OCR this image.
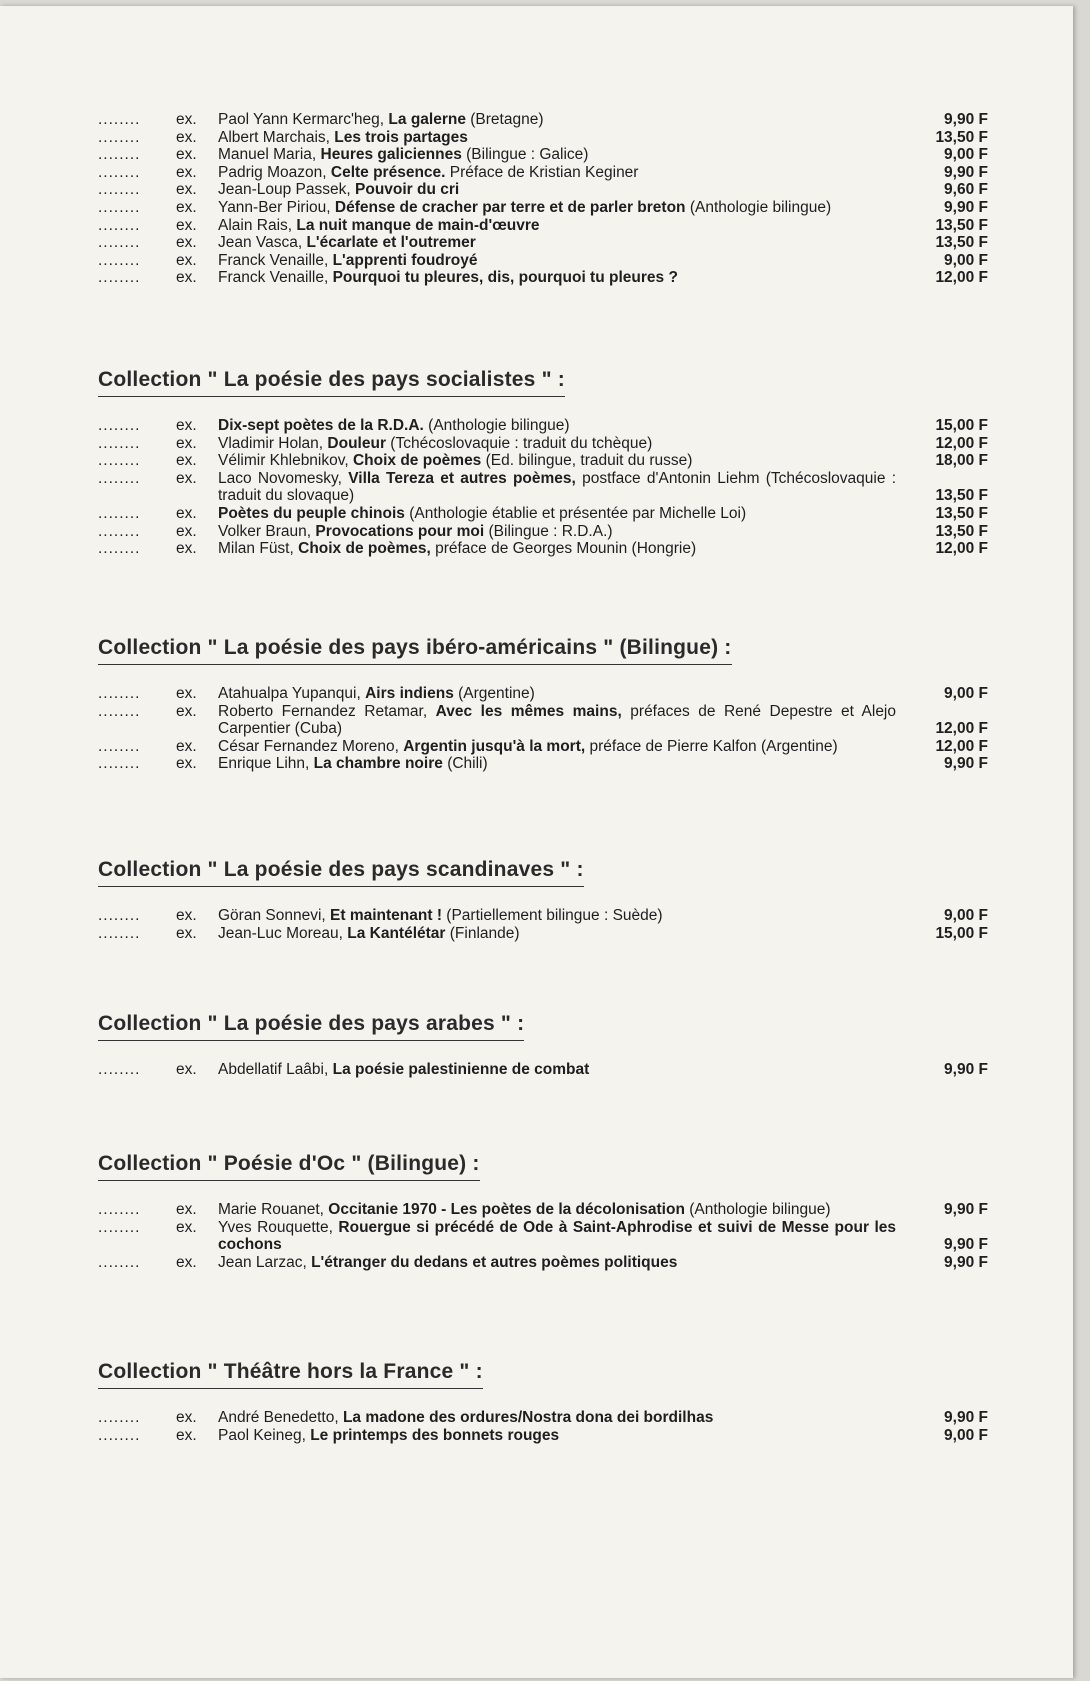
........	ex. Paol Yann Kermarc'heg, La galerne (Bretagne)	9,90 F
........	ex. Albert Marchais, Les trois partages	13,50 F
........	ex. Manuel Maria, Heures galiciennes (Bilingue : Galice)	9,00 F
........	ex. Padrig Moazon, Celte présence. Préface de Kristian Keginer	9,90 F
........	ex. Jean-Loup Passek, Pouvoir du cri	9,60 F
........	ex. Yann-Ber Piriou, Défense de cracher par terre et de parler breton (Anthologie bilingue)	9,90 F
........	ex. Alain Rais, La nuit manque de main-d'œuvre	13,50 F
........	ex. Jean Vasca, L'écarlate et l'outremer	13,50 F
........	ex. Franck Venaille, L'apprenti foudroyé	9,00 F
........	ex. Franck Venaille, Pourquoi tu pleures, dis, pourquoi tu pleures ?	12,00 F
Collection " La poésie des pays socialistes " :
........	ex. Dix-sept poètes de la R.D.A. (Anthologie bilingue)	15,00 F
........	ex. Vladimir Holan, Douleur (Tchécoslovaquie : traduit du tchèque)	12,00 F
........	ex. Vélimir Khlebnikov, Choix de poèmes (Ed. bilingue, traduit du russe)	18,00 F
........	ex. Laco Novomesky, Villa Tereza et autres poèmes, postface d'Antonin Liehm (Tchécoslovaquie : traduit du slovaque)	13,50 F
........	ex. Poètes du peuple chinois (Anthologie établie et présentée par Michelle Loi)	13,50 F
........	ex. Volker Braun, Provocations pour moi (Bilingue : R.D.A.)	13,50 F
........	ex. Milan Füst, Choix de poèmes, préface de Georges Mounin (Hongrie)	12,00 F
Collection " La poésie des pays ibéro-américains " (Bilingue) :
........	ex. Atahualpa Yupanqui, Airs indiens (Argentine)	9,00 F
........	ex. Roberto Fernandez Retamar, Avec les mêmes mains, préfaces de René Depestre et Alejo Carpentier (Cuba)	12,00 F
........	ex. César Fernandez Moreno, Argentin jusqu'à la mort, préface de Pierre Kalfon (Argentine)	12,00 F
........	ex. Enrique Lihn, La chambre noire (Chili)	9,90 F
Collection " La poésie des pays scandinaves " :
........	ex. Göran Sonnevi, Et maintenant ! (Partiellement bilingue : Suède)	9,00 F
........	ex. Jean-Luc Moreau, La Kantélétar (Finlande)	15,00 F
Collection " La poésie des pays arabes " :
........	ex. Abdellatif Laâbi, La poésie palestinienne de combat	9,90 F
Collection " Poésie d'Oc " (Bilingue) :
........	ex. Marie Rouanet, Occitanie 1970 - Les poètes de la décolonisation (Anthologie bilingue)	9,90 F
........	ex. Yves Rouquette, Rouergue si précédé de Ode à Saint-Aphrodise et suivi de Messe pour les cochons	9,90 F
........	ex. Jean Larzac, L'étranger du dedans et autres poèmes politiques	9,90 F
Collection " Théâtre hors la France " :
........	ex. André Benedetto, La madone des ordures/Nostra dona dei bordilhas	9,90 F
........	ex. Paol Keineg, Le printemps des bonnets rouges	9,00 F
